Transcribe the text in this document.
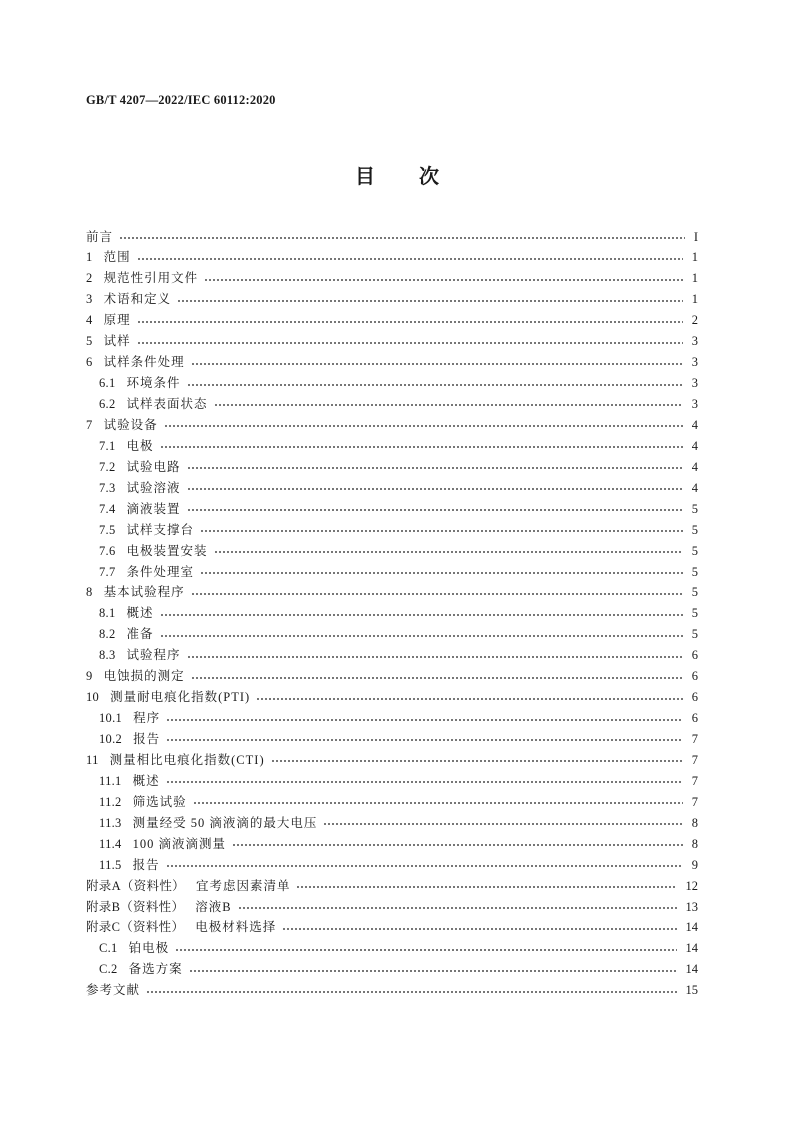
GB/T 4207—2022/IEC 60112:2020
目次
前言	I
1 范围	1
2 规范性引用文件	1
3 术语和定义	1
4 原理	2
5 试样	3
6 试样条件处理	3
6.1 环境条件	3
6.2 试样表面状态	3
7 试验设备	4
7.1 电极	4
7.2 试验电路	4
7.3 试验溶液	4
7.4 滴液装置	5
7.5 试样支撑台	5
7.6 电极装置安装	5
7.7 条件处理室	5
8 基本试验程序	5
8.1 概述	5
8.2 准备	5
8.3 试验程序	6
9 电蚀损的测定	6
10 测量耐电痕化指数(PTI)	6
10.1 程序	6
10.2 报告	7
11 测量相比电痕化指数(CTI)	7
11.1 概述	7
11.2 筛选试验	7
11.3 测量经受 50 滴液滴的最大电压	8
11.4 100 滴液滴测量	8
11.5 报告	9
附录A（资料性） 宜考虑因素清单	12
附录B（资料性） 溶液B	13
附录C（资料性） 电极材料选择	14
C.1 铂电极	14
C.2 备选方案	14
参考文献	15
